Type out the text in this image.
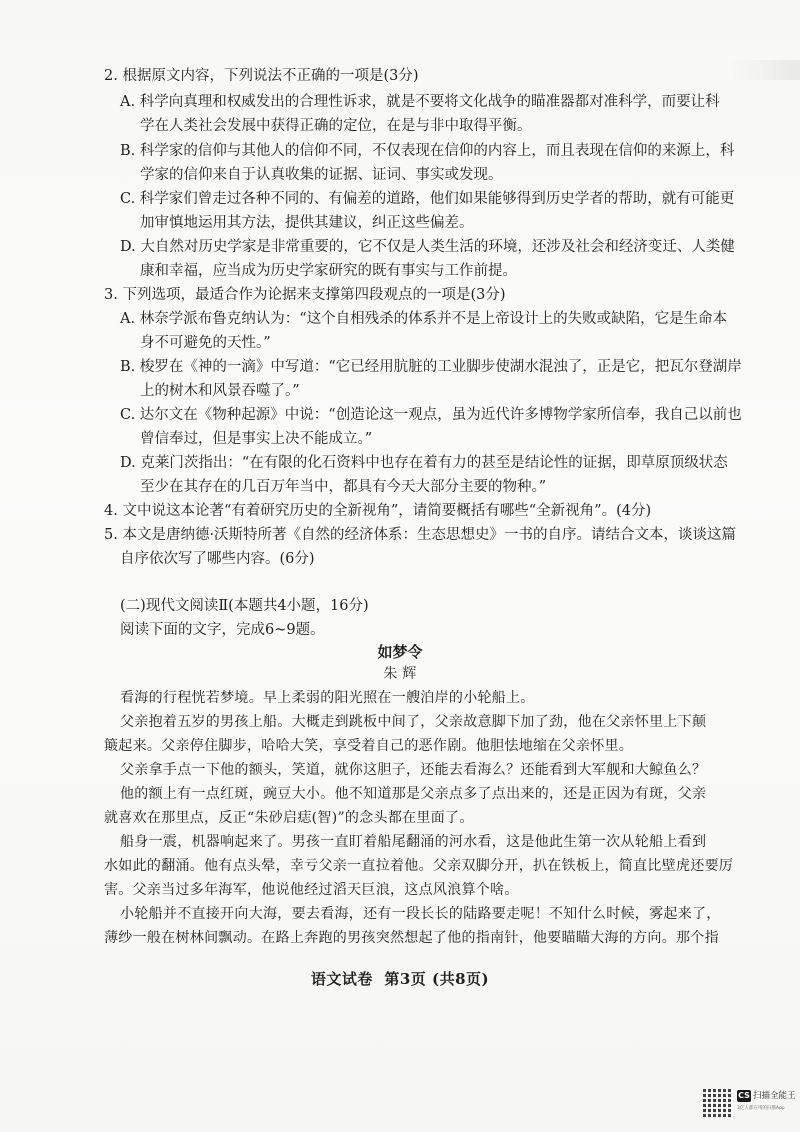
2. 根据原文内容，下列说法不正确的一项是(3分)
A. 科学向真理和权威发出的合理性诉求，就是不要将文化战争的瞄准器都对准科学，而要让科
学在人类社会发展中获得正确的定位，在是与非中取得平衡。
B. 科学家的信仰与其他人的信仰不同，不仅表现在信仰的内容上，而且表现在信仰的来源上，科
学家的信仰来自于认真收集的证据、证词、事实或发现。
C. 科学家们曾走过各种不同的、有偏差的道路，他们如果能够得到历史学者的帮助，就有可能更
加审慎地运用其方法，提供其建议，纠正这些偏差。
D. 大自然对历史学家是非常重要的，它不仅是人类生活的环境，还涉及社会和经济变迁、人类健
康和幸福，应当成为历史学家研究的既有事实与工作前提。
3. 下列选项，最适合作为论据来支撑第四段观点的一项是(3分)
A. 林奈学派布鲁克纳认为：“这个自相残杀的体系并不是上帝设计上的失败或缺陷，它是生命本
身不可避免的天性。”
B. 梭罗在《神的一滴》中写道：“它已经用肮脏的工业脚步使湖水混浊了，正是它，把瓦尔登湖岸
上的树木和风景吞噬了。”
C. 达尔文在《物种起源》中说：“创造论这一观点，虽为近代许多博物学家所信奉，我自己以前也
曾信奉过，但是事实上决不能成立。”
D. 克莱门茨指出：“在有限的化石资料中也存在着有力的甚至是结论性的证据，即草原顶级状态
至少在其存在的几百万年当中，都具有今天大部分主要的物种。”
4. 文中说这本论著“有着研究历史的全新视角”，请简要概括有哪些“全新视角”。(4分)
5. 本文是唐纳德·沃斯特所著《自然的经济体系：生态思想史》一书的自序。请结合文本，谈谈这篇
自序依次写了哪些内容。(6分)
(二)现代文阅读Ⅱ(本题共4小题，16分)
阅读下面的文字，完成6~9题。
如梦令
朱 辉
看海的行程恍若梦境。早上柔弱的阳光照在一艘泊岸的小轮船上。
父亲抱着五岁的男孩上船。大概走到跳板中间了，父亲故意脚下加了劲，他在父亲怀里上下颠
簸起来。父亲停住脚步，哈哈大笑，享受着自己的恶作剧。他胆怯地缩在父亲怀里。
父亲拿手点一下他的额头，笑道，就你这胆子，还能去看海么？还能看到大军舰和大鲸鱼么？
他的额上有一点红斑，豌豆大小。他不知道那是父亲点多了点出来的，还是正因为有斑，父亲
就喜欢在那里点，反正“朱砂启痣(智)”的念头都在里面了。
船身一震，机器响起来了。男孩一直盯着船尾翻涌的河水看，这是他此生第一次从轮船上看到
水如此的翻涌。他有点头晕，幸亏父亲一直拉着他。父亲双脚分开，扒在铁板上，简直比壁虎还要厉
害。父亲当过多年海军，他说他经过滔天巨浪，这点风浪算个啥。
小轮船并不直接开向大海，要去看海，还有一段长长的陆路要走呢！不知什么时候，雾起来了，
薄纱一般在树林间飘动。在路上奔跑的男孩突然想起了他的指南针，他要瞄瞄大海的方向。那个指
语文试卷  第3页 (共8页)
CS 扫描全能王
3亿人都在用的扫描App
